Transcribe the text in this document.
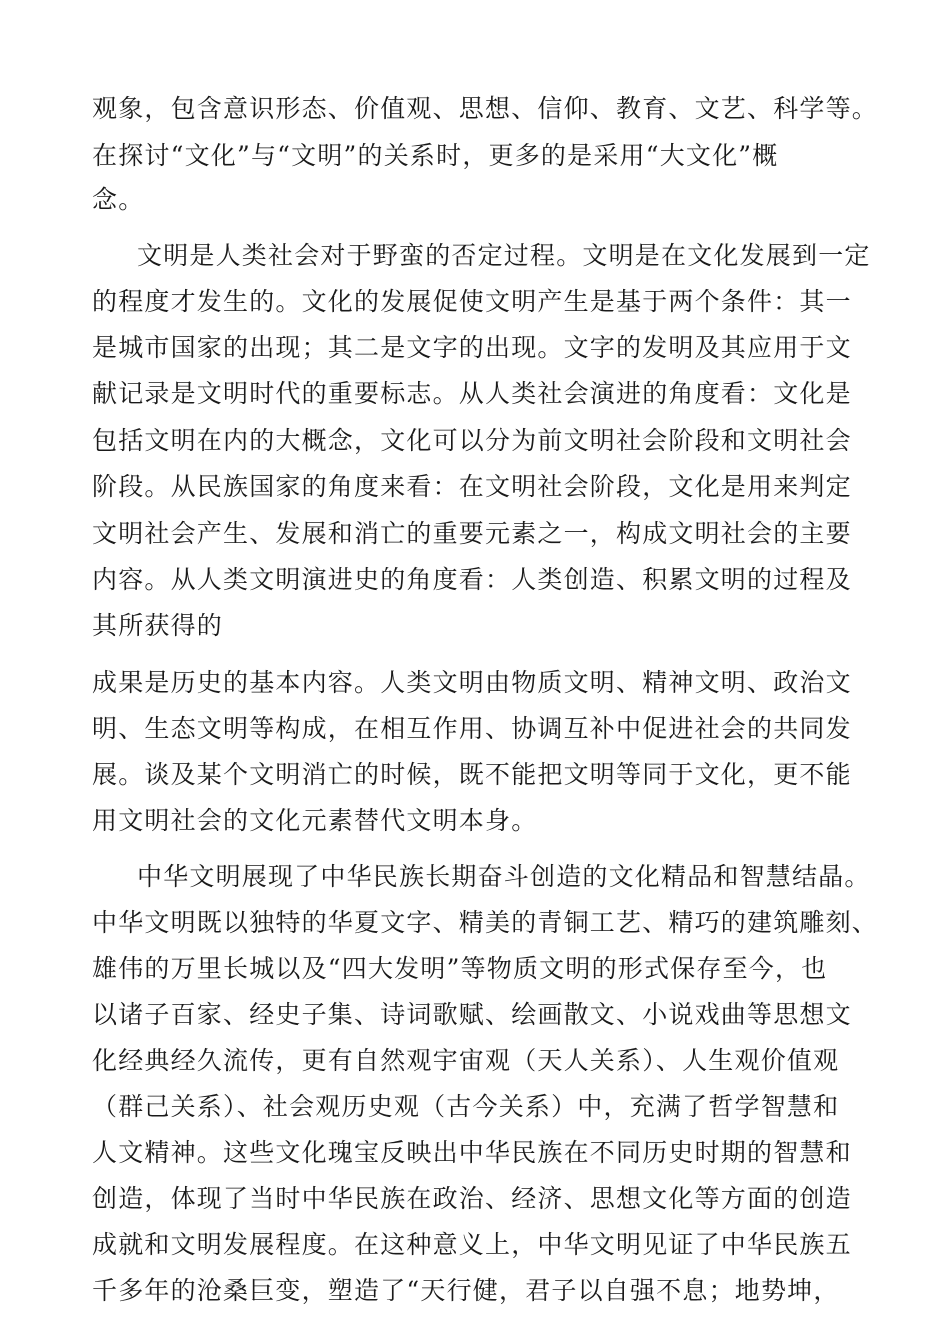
观象，包含意识形态、价值观、思想、信仰、教育、文艺、科学等。
在探讨“文化”与“文明”的关系时，更多的是采用“大文化”概
念。
文明是人类社会对于野蛮的否定过程。文明是在文化发展到一定
的程度才发生的。文化的发展促使文明产生是基于两个条件：其一
是城市国家的出现；其二是文字的出现。文字的发明及其应用于文
献记录是文明时代的重要标志。从人类社会演进的角度看：文化是
包括文明在内的大概念，文化可以分为前文明社会阶段和文明社会
阶段。从民族国家的角度来看：在文明社会阶段，文化是用来判定
文明社会产生、发展和消亡的重要元素之一，构成文明社会的主要
内容。从人类文明演进史的角度看：人类创造、积累文明的过程及
其所获得的
成果是历史的基本内容。人类文明由物质文明、精神文明、政治文
明、生态文明等构成，在相互作用、协调互补中促进社会的共同发
展。谈及某个文明消亡的时候，既不能把文明等同于文化，更不能
用文明社会的文化元素替代文明本身。
中华文明展现了中华民族长期奋斗创造的文化精品和智慧结晶。
中华文明既以独特的华夏文字、精美的青铜工艺、精巧的建筑雕刻、
雄伟的万里长城以及“四大发明”等物质文明的形式保存至今，也
以诸子百家、经史子集、诗词歌赋、绘画散文、小说戏曲等思想文
化经典经久流传，更有自然观宇宙观（天人关系）、人生观价值观
（群己关系）、社会观历史观（古今关系）中，充满了哲学智慧和
人文精神。这些文化瑰宝反映出中华民族在不同历史时期的智慧和
创造，体现了当时中华民族在政治、经济、思想文化等方面的创造
成就和文明发展程度。在这种意义上，中华文明见证了中华民族五
千多年的沧桑巨变，塑造了“天行健，君子以自强不息；地势坤，
